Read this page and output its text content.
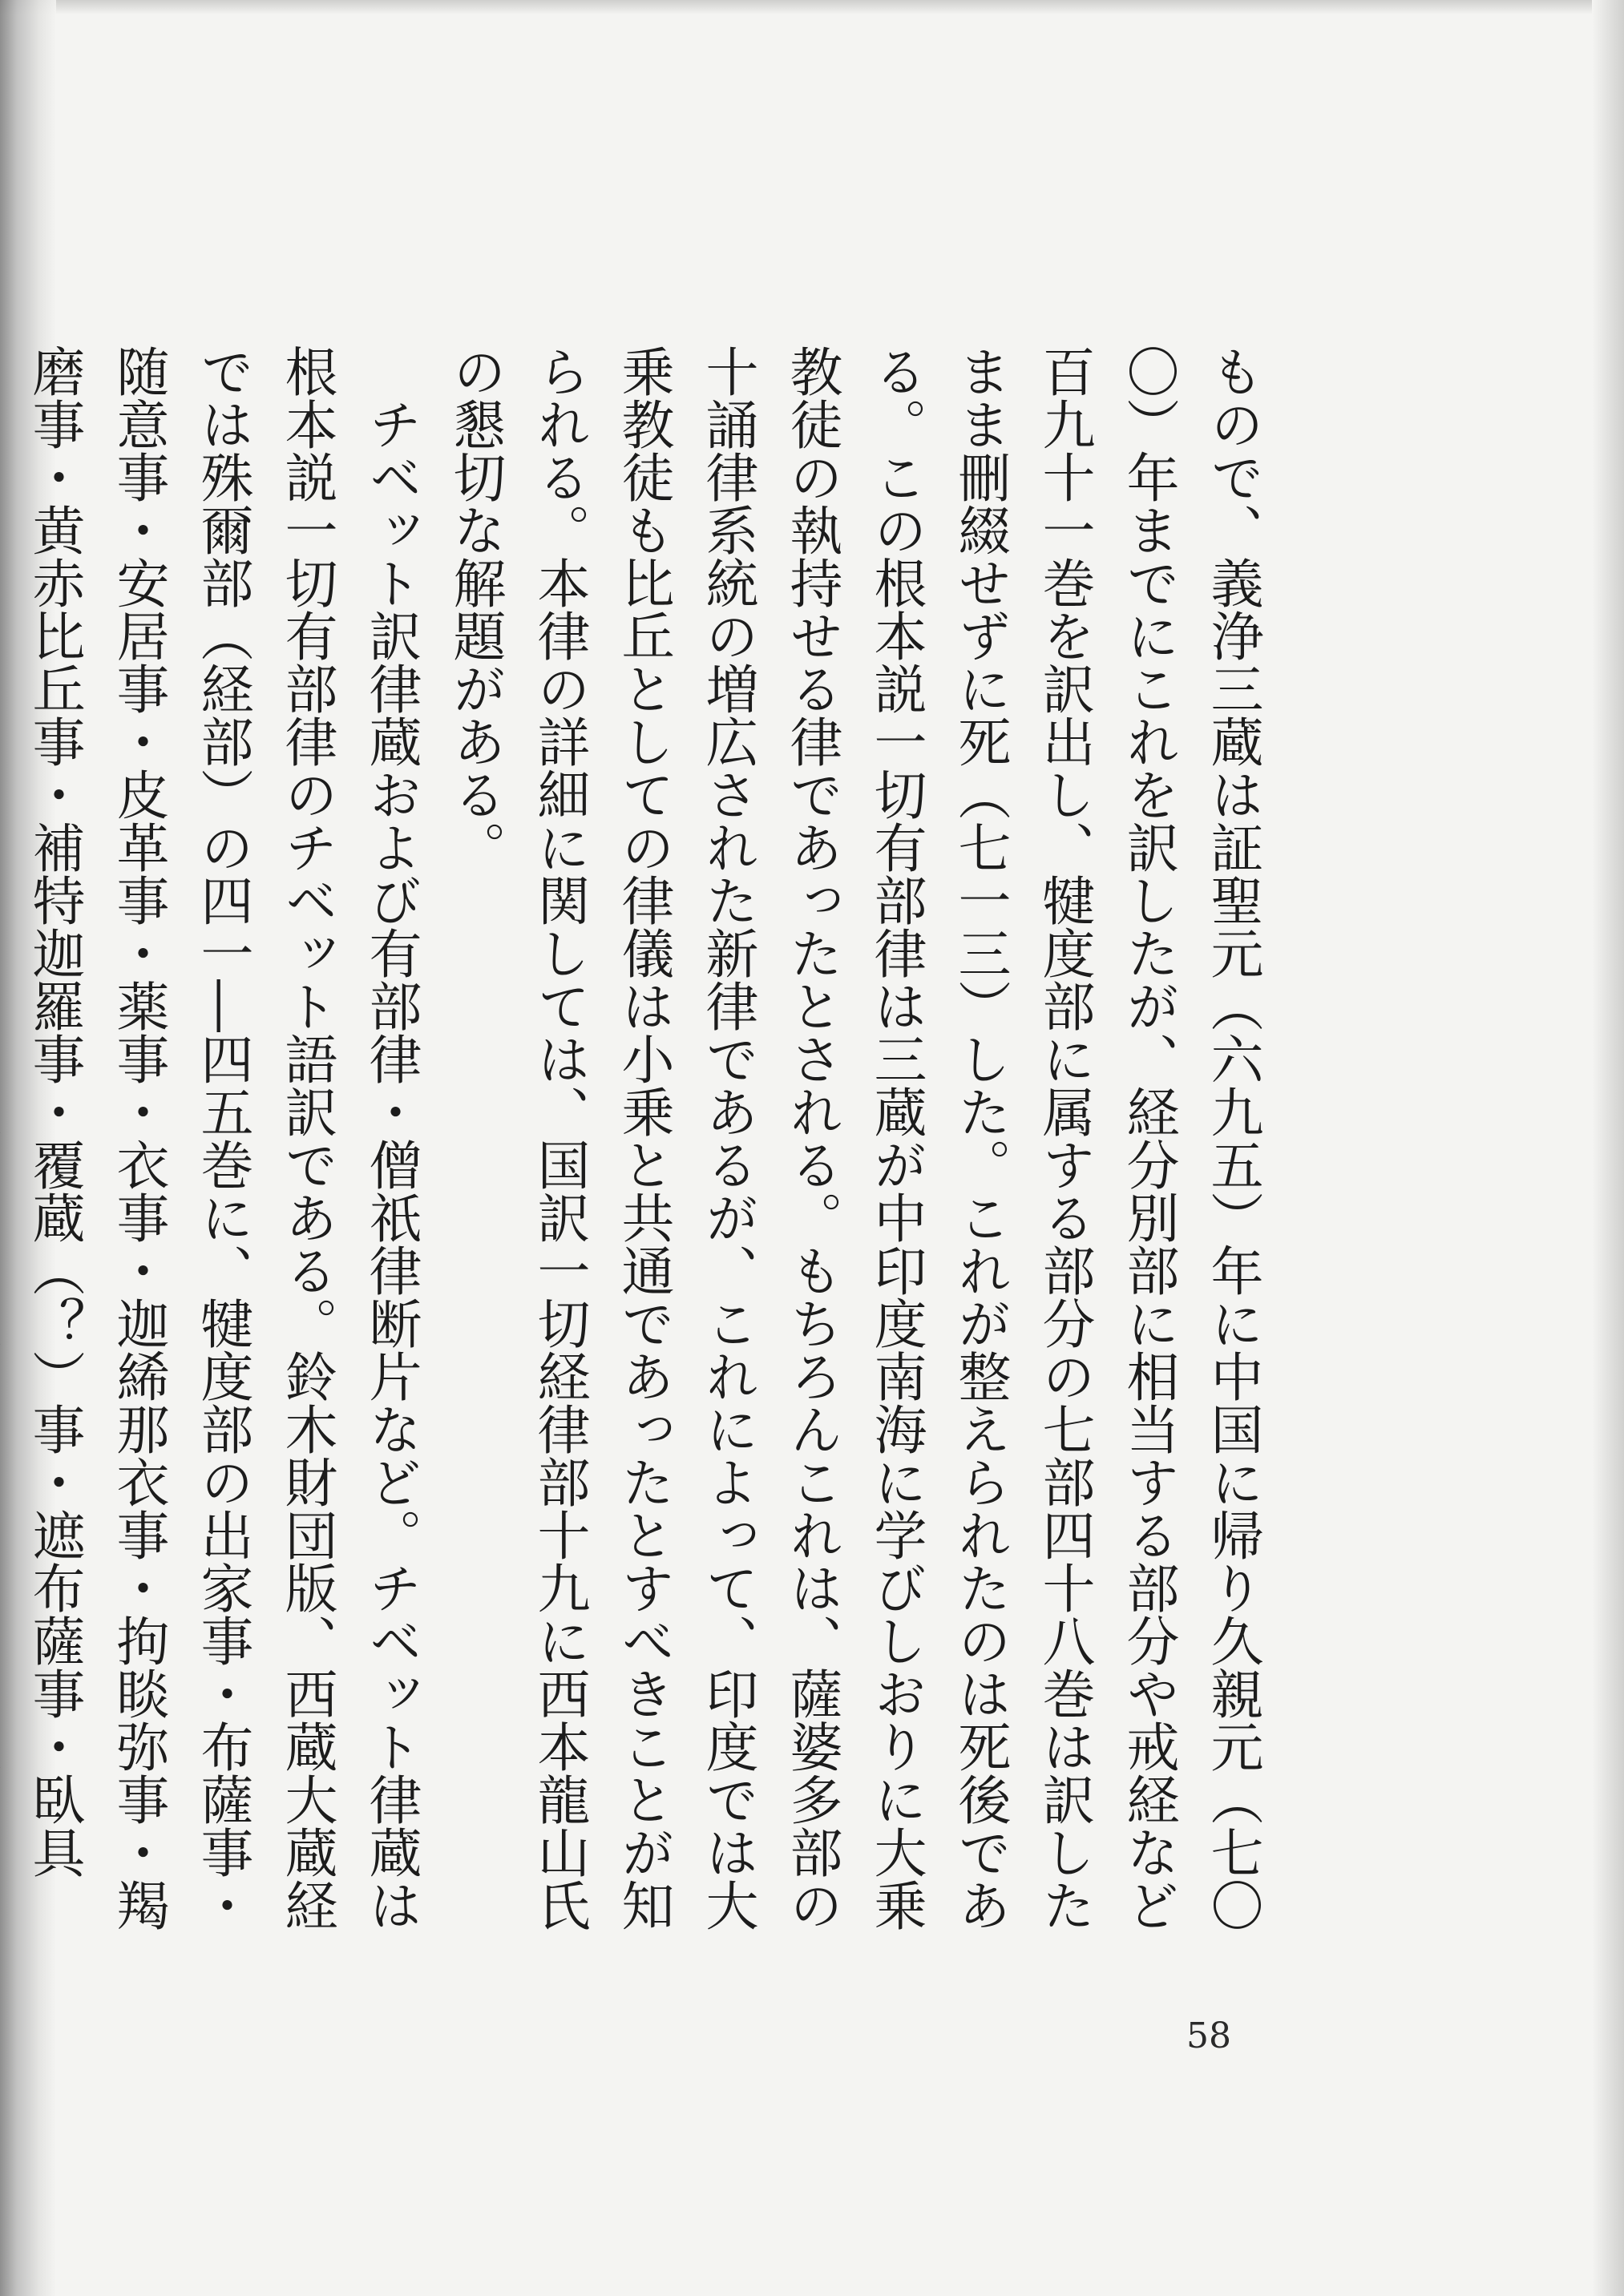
もので、義浄三蔵は証聖元（六九五）年に中国に帰り久親元（七〇〇）年までにこれを訳したが、経分別部に相当する部分や戒経など百九十一巻を訳出し、犍度部に属する部分の七部四十八巻は訳したまま刪綴せずに死（七一三）した。これが整えられたのは死後である。この根本説一切有部律は三蔵が中印度南海に学びしおりに大乗教徒の執持せる律であったとされる。もちろんこれは、薩婆多部の十誦律系統の増広された新律であるが、これによって、印度では大乗教徒も比丘としての律儀は小乗と共通であったとすべきことが知られる。本律の詳細に関しては、国訳一切経律部十九に西本龍山氏の懇切な解題がある。

　チベット訳律蔵および有部律・僧祇律断片など。チベット律蔵は根本説一切有部律のチベット語訳である。鈴木財団版、西蔵大蔵経では殊爾部（経部）の四一―四五巻に、犍度部の出家事・布薩事・随意事・安居事・皮革事・薬事・衣事・迦絺那衣事・拘睒弥事・羯磨事・黄赤比丘事・補特迦羅事・覆蔵（？）事・遮布薩事・臥具

58
